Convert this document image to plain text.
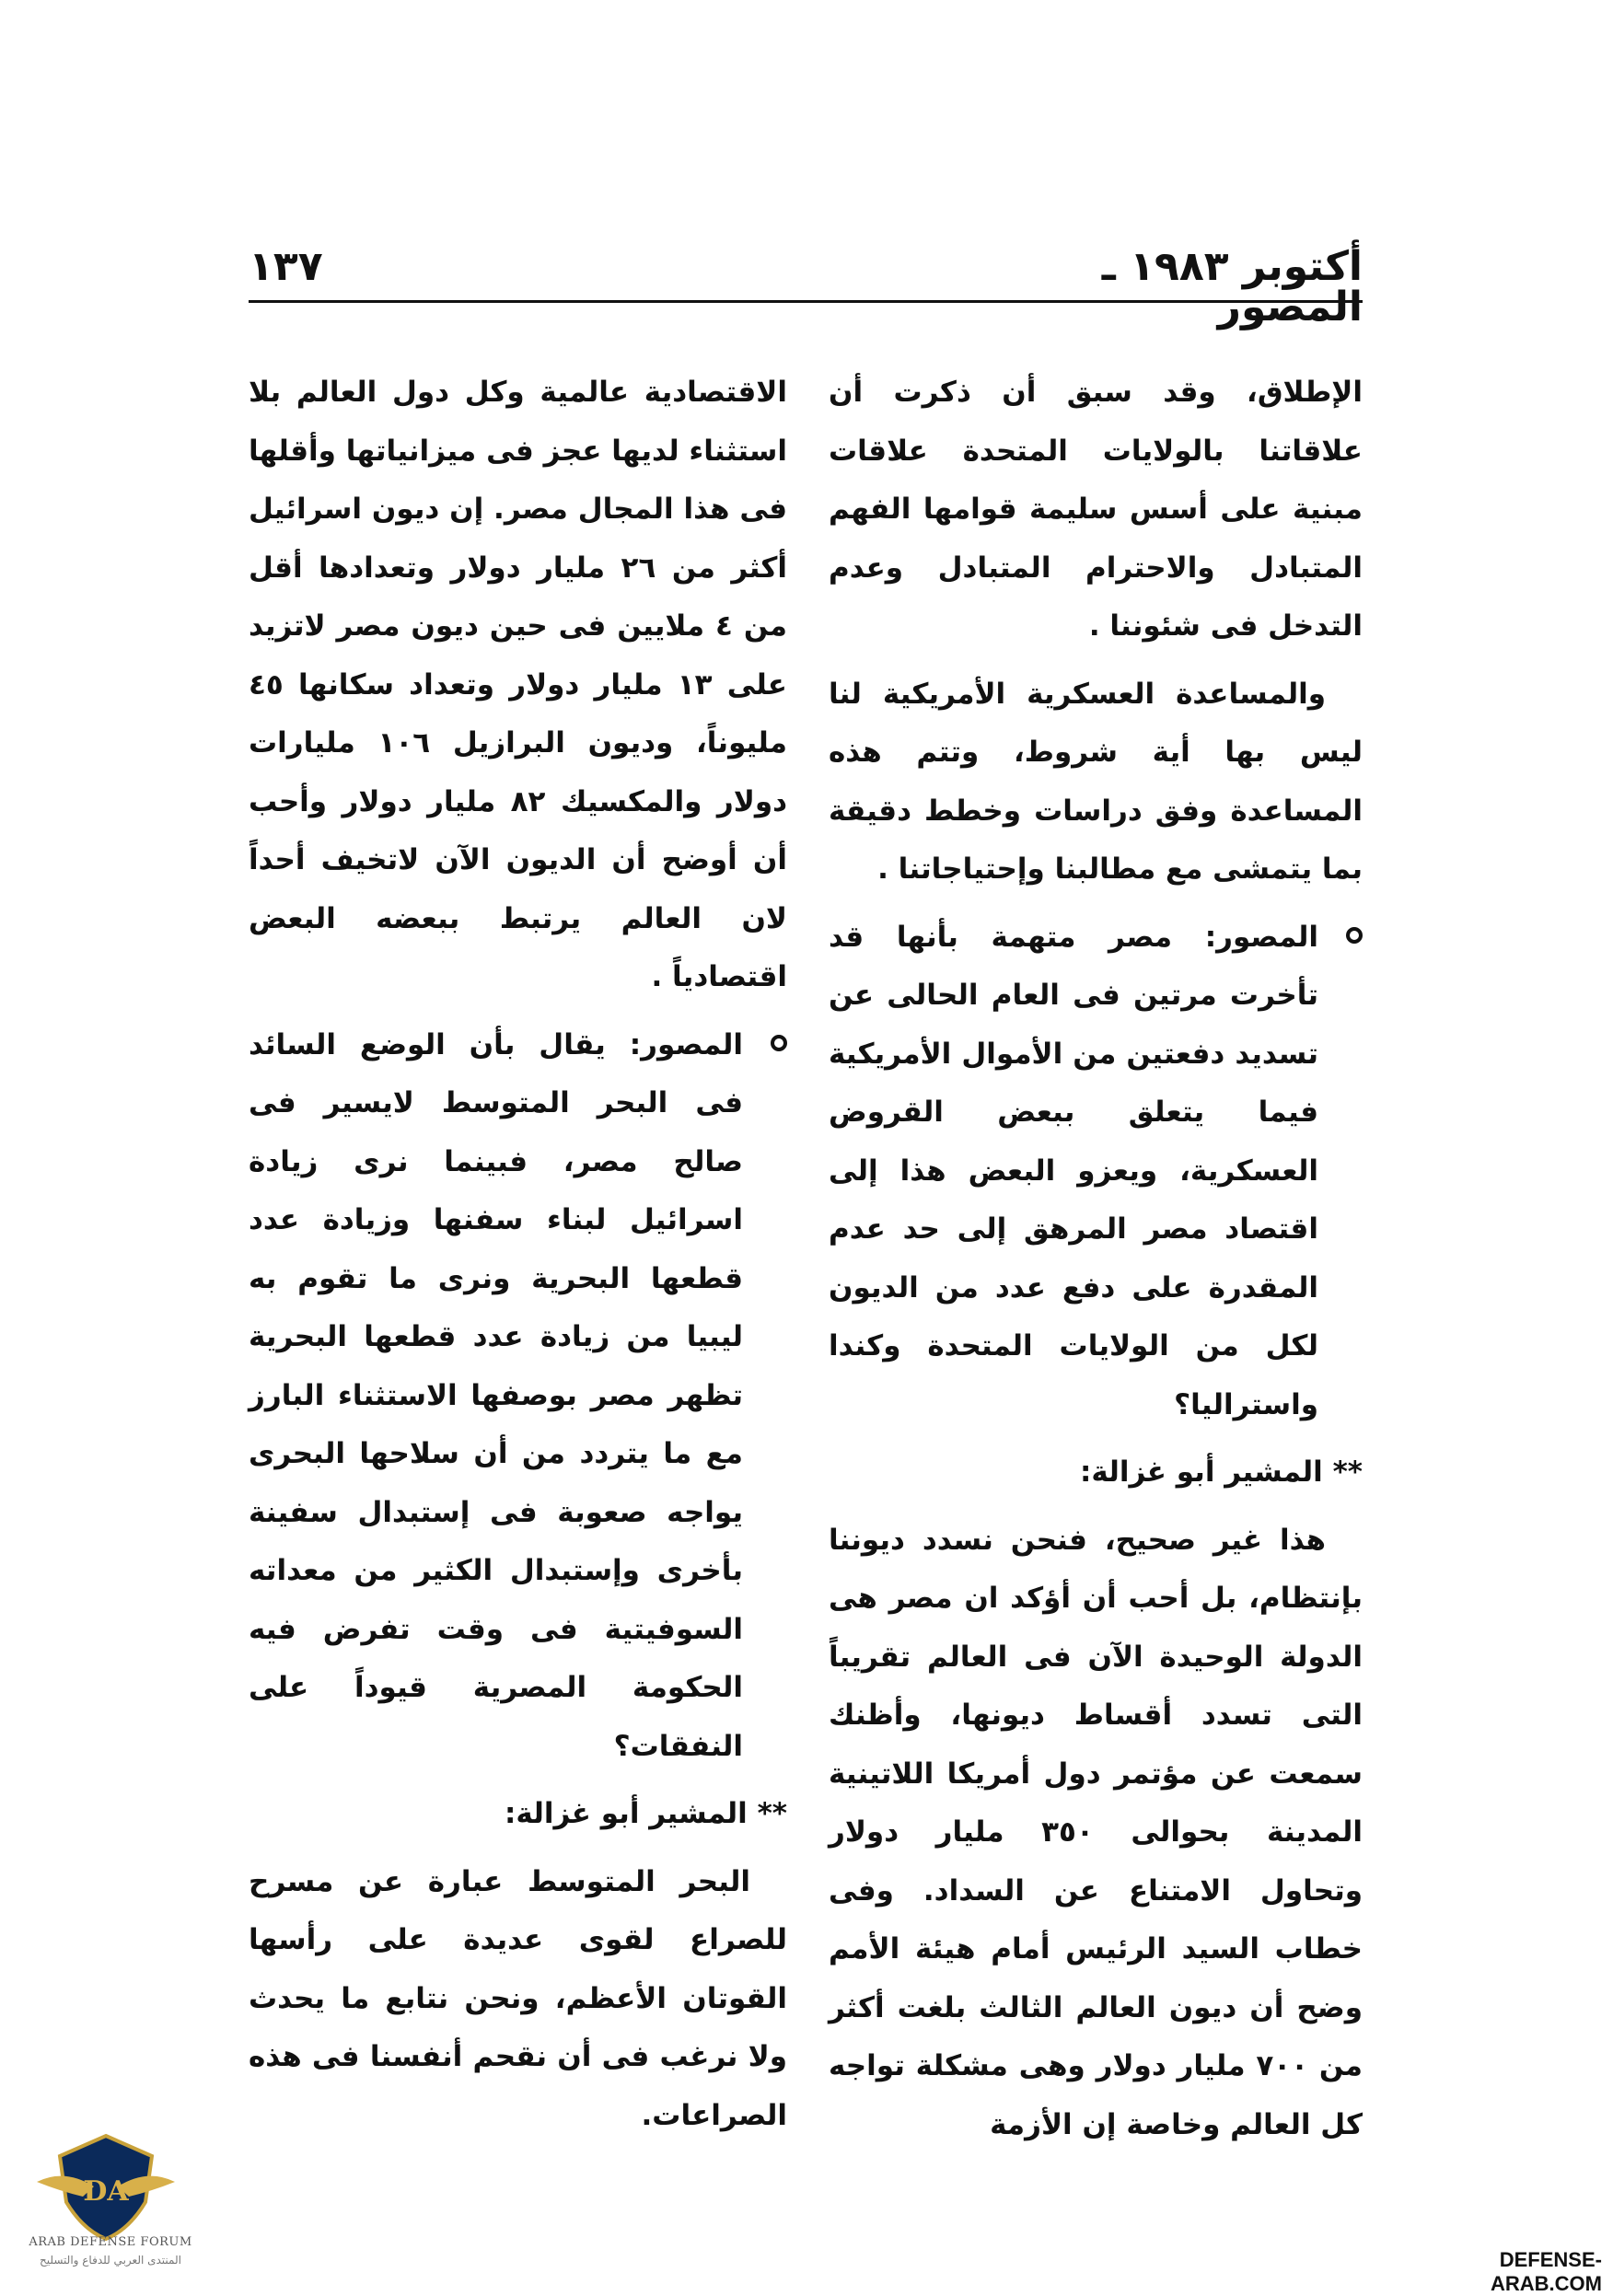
أكتوبر ١٩٨٣ ـ المصور
١٣٧

الإطلاق، وقد سبق أن ذكرت أن علاقاتنا بالولايات المتحدة علاقات مبنية على أسس سليمة قوامها الفهم المتبادل والاحترام المتبادل وعدم التدخل فى شئوننا .

والمساعدة العسكرية الأمريكية لنا ليس بها أية شروط، وتتم هذه المساعدة وفق دراسات وخطط دقيقة بما يتمشى مع مطالبنا وإحتياجاتنا .

المصور: مصر متهمة بأنها قد تأخرت مرتين فى العام الحالى عن تسديد دفعتين من الأموال الأمريكية فيما يتعلق ببعض القروض العسكرية، ويعزو البعض هذا إلى اقتصاد مصر المرهق إلى حد عدم المقدرة على دفع عدد من الديون لكل من الولايات المتحدة وكندا واستراليا؟

** المشير أبو غزالة:

هذا غير صحيح، فنحن نسدد ديوننا بإنتظام، بل أحب أن أؤكد ان مصر هى الدولة الوحيدة الآن فى العالم تقريباً التى تسدد أقساط ديونها، وأظنك سمعت عن مؤتمر دول أمريكا اللاتينية المدينة بحوالى ٣٥٠ مليار دولار وتحاول الامتناع عن السداد. وفى خطاب السيد الرئيس أمام هيئة الأمم وضح أن ديون العالم الثالث بلغت أكثر من ٧٠٠ مليار دولار وهى مشكلة تواجه كل العالم وخاصة إن الأزمة

الاقتصادية عالمية وكل دول العالم بلا استثناء لديها عجز فى ميزانياتها وأقلها فى هذا المجال مصر. إن ديون اسرائيل أكثر من ٢٦ مليار دولار وتعدادها أقل من ٤ ملايين فى حين ديون مصر لاتزيد على ١٣ مليار دولار وتعداد سكانها ٤٥ مليوناً، وديون البرازيل ١٠٦ مليارات دولار والمكسيك ٨٢ مليار دولار وأحب أن أوضح أن الديون الآن لاتخيف أحداً لان العالم يرتبط ببعضه البعض اقتصادياً .

المصور: يقال بأن الوضع السائد فى البحر المتوسط لايسير فى صالح مصر، فبينما نرى زيادة اسرائيل لبناء سفنها وزيادة عدد قطعها البحرية ونرى ما تقوم به ليبيا من زيادة عدد قطعها البحرية تظهر مصر بوصفها الاستثناء البارز مع ما يتردد من أن سلاحها البحرى يواجه صعوبة فى إستبدال سفينة بأخرى وإستبدال الكثير من معداته السوفيتية فى وقت تفرض فيه الحكومة المصرية قيوداً على النفقات؟

** المشير أبو غزالة:

البحر المتوسط عبارة عن مسرح للصراع لقوى عديدة على رأسها القوتان الأعظم، ونحن نتابع ما يحدث ولا نرغب فى أن نقحم أنفسنا فى هذه الصراعات.

DA
ARAB DEFENSE FORUM
المنتدى العربي للدفاع والتسليح	DEFENSE-ARAB.COM
